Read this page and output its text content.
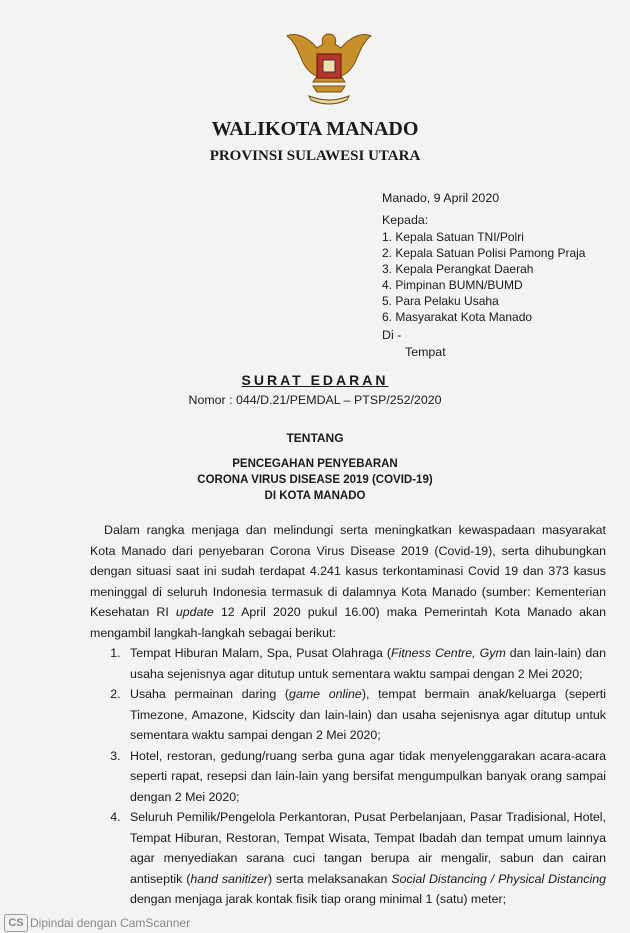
WALIKOTA MANADO
PROVINSI SULAWESI UTARA
Manado, 9 April 2020
Kepada:
1. Kepala Satuan TNI/Polri
2. Kepala Satuan Polisi Pamong Praja
3. Kepala Perangkat Daerah
4. Pimpinan BUMN/BUMD
5. Para Pelaku Usaha
6. Masyarakat Kota Manado
Di -
Tempat
SURAT EDARAN
Nomor : 044/D.21/PEMDAL – PTSP/252/2020
TENTANG
PENCEGAHAN PENYEBARAN
CORONA VIRUS DISEASE 2019 (COVID-19)
DI KOTA MANADO

Dalam rangka menjaga dan melindungi serta meningkatkan kewaspadaan masyarakat Kota Manado dari penyebaran Corona Virus Disease 2019 (Covid-19), serta dihubungkan dengan situasi saat ini sudah terdapat 4.241 kasus terkontaminasi Covid 19 dan 373 kasus meninggal di seluruh Indonesia termasuk di dalamnya Kota Manado (sumber: Kementerian Kesehatan RI update 12 April 2020 pukul 16.00) maka Pemerintah Kota Manado akan mengambil langkah-langkah sebagai berikut:

1. Tempat Hiburan Malam, Spa, Pusat Olahraga (Fitness Centre, Gym dan lain-lain) dan usaha sejenisnya agar ditutup untuk sementara waktu sampai dengan 2 Mei 2020;
2. Usaha permainan daring (game online), tempat bermain anak/keluarga (seperti Timezone, Amazone, Kidscity dan lain-lain) dan usaha sejenisnya agar ditutup untuk sementara waktu sampai dengan 2 Mei 2020;
3. Hotel, restoran, gedung/ruang serba guna agar tidak menyelenggarakan acara-acara seperti rapat, resepsi dan lain-lain yang bersifat mengumpulkan banyak orang sampai dengan 2 Mei 2020;
4. Seluruh Pemilik/Pengelola Perkantoran, Pusat Perbelanjaan, Pasar Tradisional, Hotel, Tempat Hiburan, Restoran, Tempat Wisata, Tempat Ibadah dan tempat umum lainnya agar menyediakan sarana cuci tangan berupa air mengalir, sabun dan cairan antiseptik (hand sanitizer) serta melaksanakan Social Distancing / Physical Distancing dengan menjaga jarak kontak fisik tiap orang minimal 1 (satu) meter;
CS Dipindai dengan CamScanner
